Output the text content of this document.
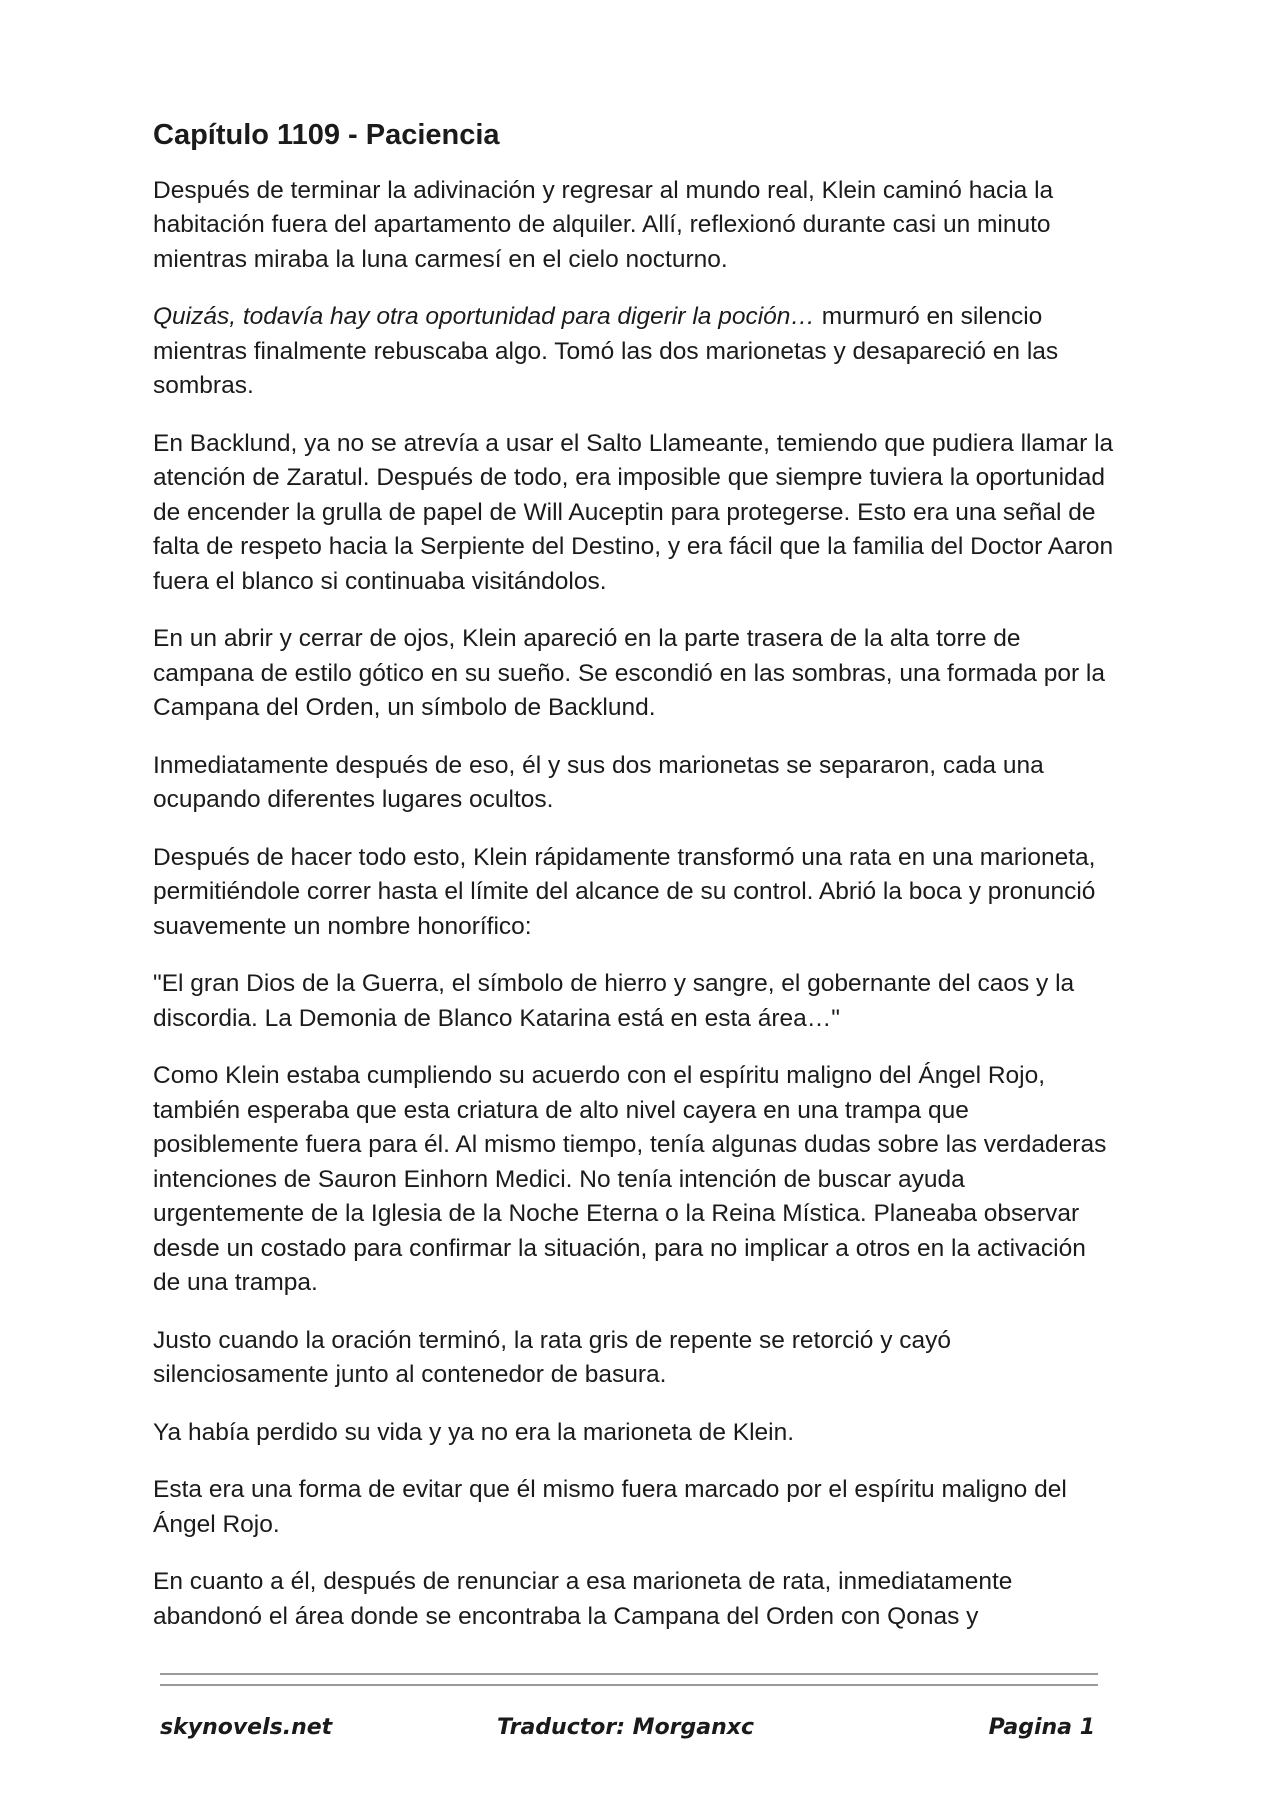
Capítulo 1109 - Paciencia

Después de terminar la adivinación y regresar al mundo real, Klein caminó hacia la habitación fuera del apartamento de alquiler. Allí, reflexionó durante casi un minuto mientras miraba la luna carmesí en el cielo nocturno.

Quizás, todavía hay otra oportunidad para digerir la poción… murmuró en silencio mientras finalmente rebuscaba algo. Tomó las dos marionetas y desapareció en las sombras.

En Backlund, ya no se atrevía a usar el Salto Llameante, temiendo que pudiera llamar la atención de Zaratul. Después de todo, era imposible que siempre tuviera la oportunidad de encender la grulla de papel de Will Auceptin para protegerse. Esto era una señal de falta de respeto hacia la Serpiente del Destino, y era fácil que la familia del Doctor Aaron fuera el blanco si continuaba visitándolos.

En un abrir y cerrar de ojos, Klein apareció en la parte trasera de la alta torre de campana de estilo gótico en su sueño. Se escondió en las sombras, una formada por la Campana del Orden, un símbolo de Backlund.

Inmediatamente después de eso, él y sus dos marionetas se separaron, cada una ocupando diferentes lugares ocultos.

Después de hacer todo esto, Klein rápidamente transformó una rata en una marioneta, permitiéndole correr hasta el límite del alcance de su control. Abrió la boca y pronunció suavemente un nombre honorífico:

"El gran Dios de la Guerra, el símbolo de hierro y sangre, el gobernante del caos y la discordia. La Demonia de Blanco Katarina está en esta área…"

Como Klein estaba cumpliendo su acuerdo con el espíritu maligno del Ángel Rojo, también esperaba que esta criatura de alto nivel cayera en una trampa que posiblemente fuera para él. Al mismo tiempo, tenía algunas dudas sobre las verdaderas intenciones de Sauron Einhorn Medici. No tenía intención de buscar ayuda urgentemente de la Iglesia de la Noche Eterna o la Reina Mística. Planeaba observar desde un costado para confirmar la situación, para no implicar a otros en la activación de una trampa.

Justo cuando la oración terminó, la rata gris de repente se retorció y cayó silenciosamente junto al contenedor de basura.

Ya había perdido su vida y ya no era la marioneta de Klein.

Esta era una forma de evitar que él mismo fuera marcado por el espíritu maligno del Ángel Rojo.

En cuanto a él, después de renunciar a esa marioneta de rata, inmediatamente abandonó el área donde se encontraba la Campana del Orden con Qonas y

skynovels.net	Traductor: Morganxc	Pagina 1
